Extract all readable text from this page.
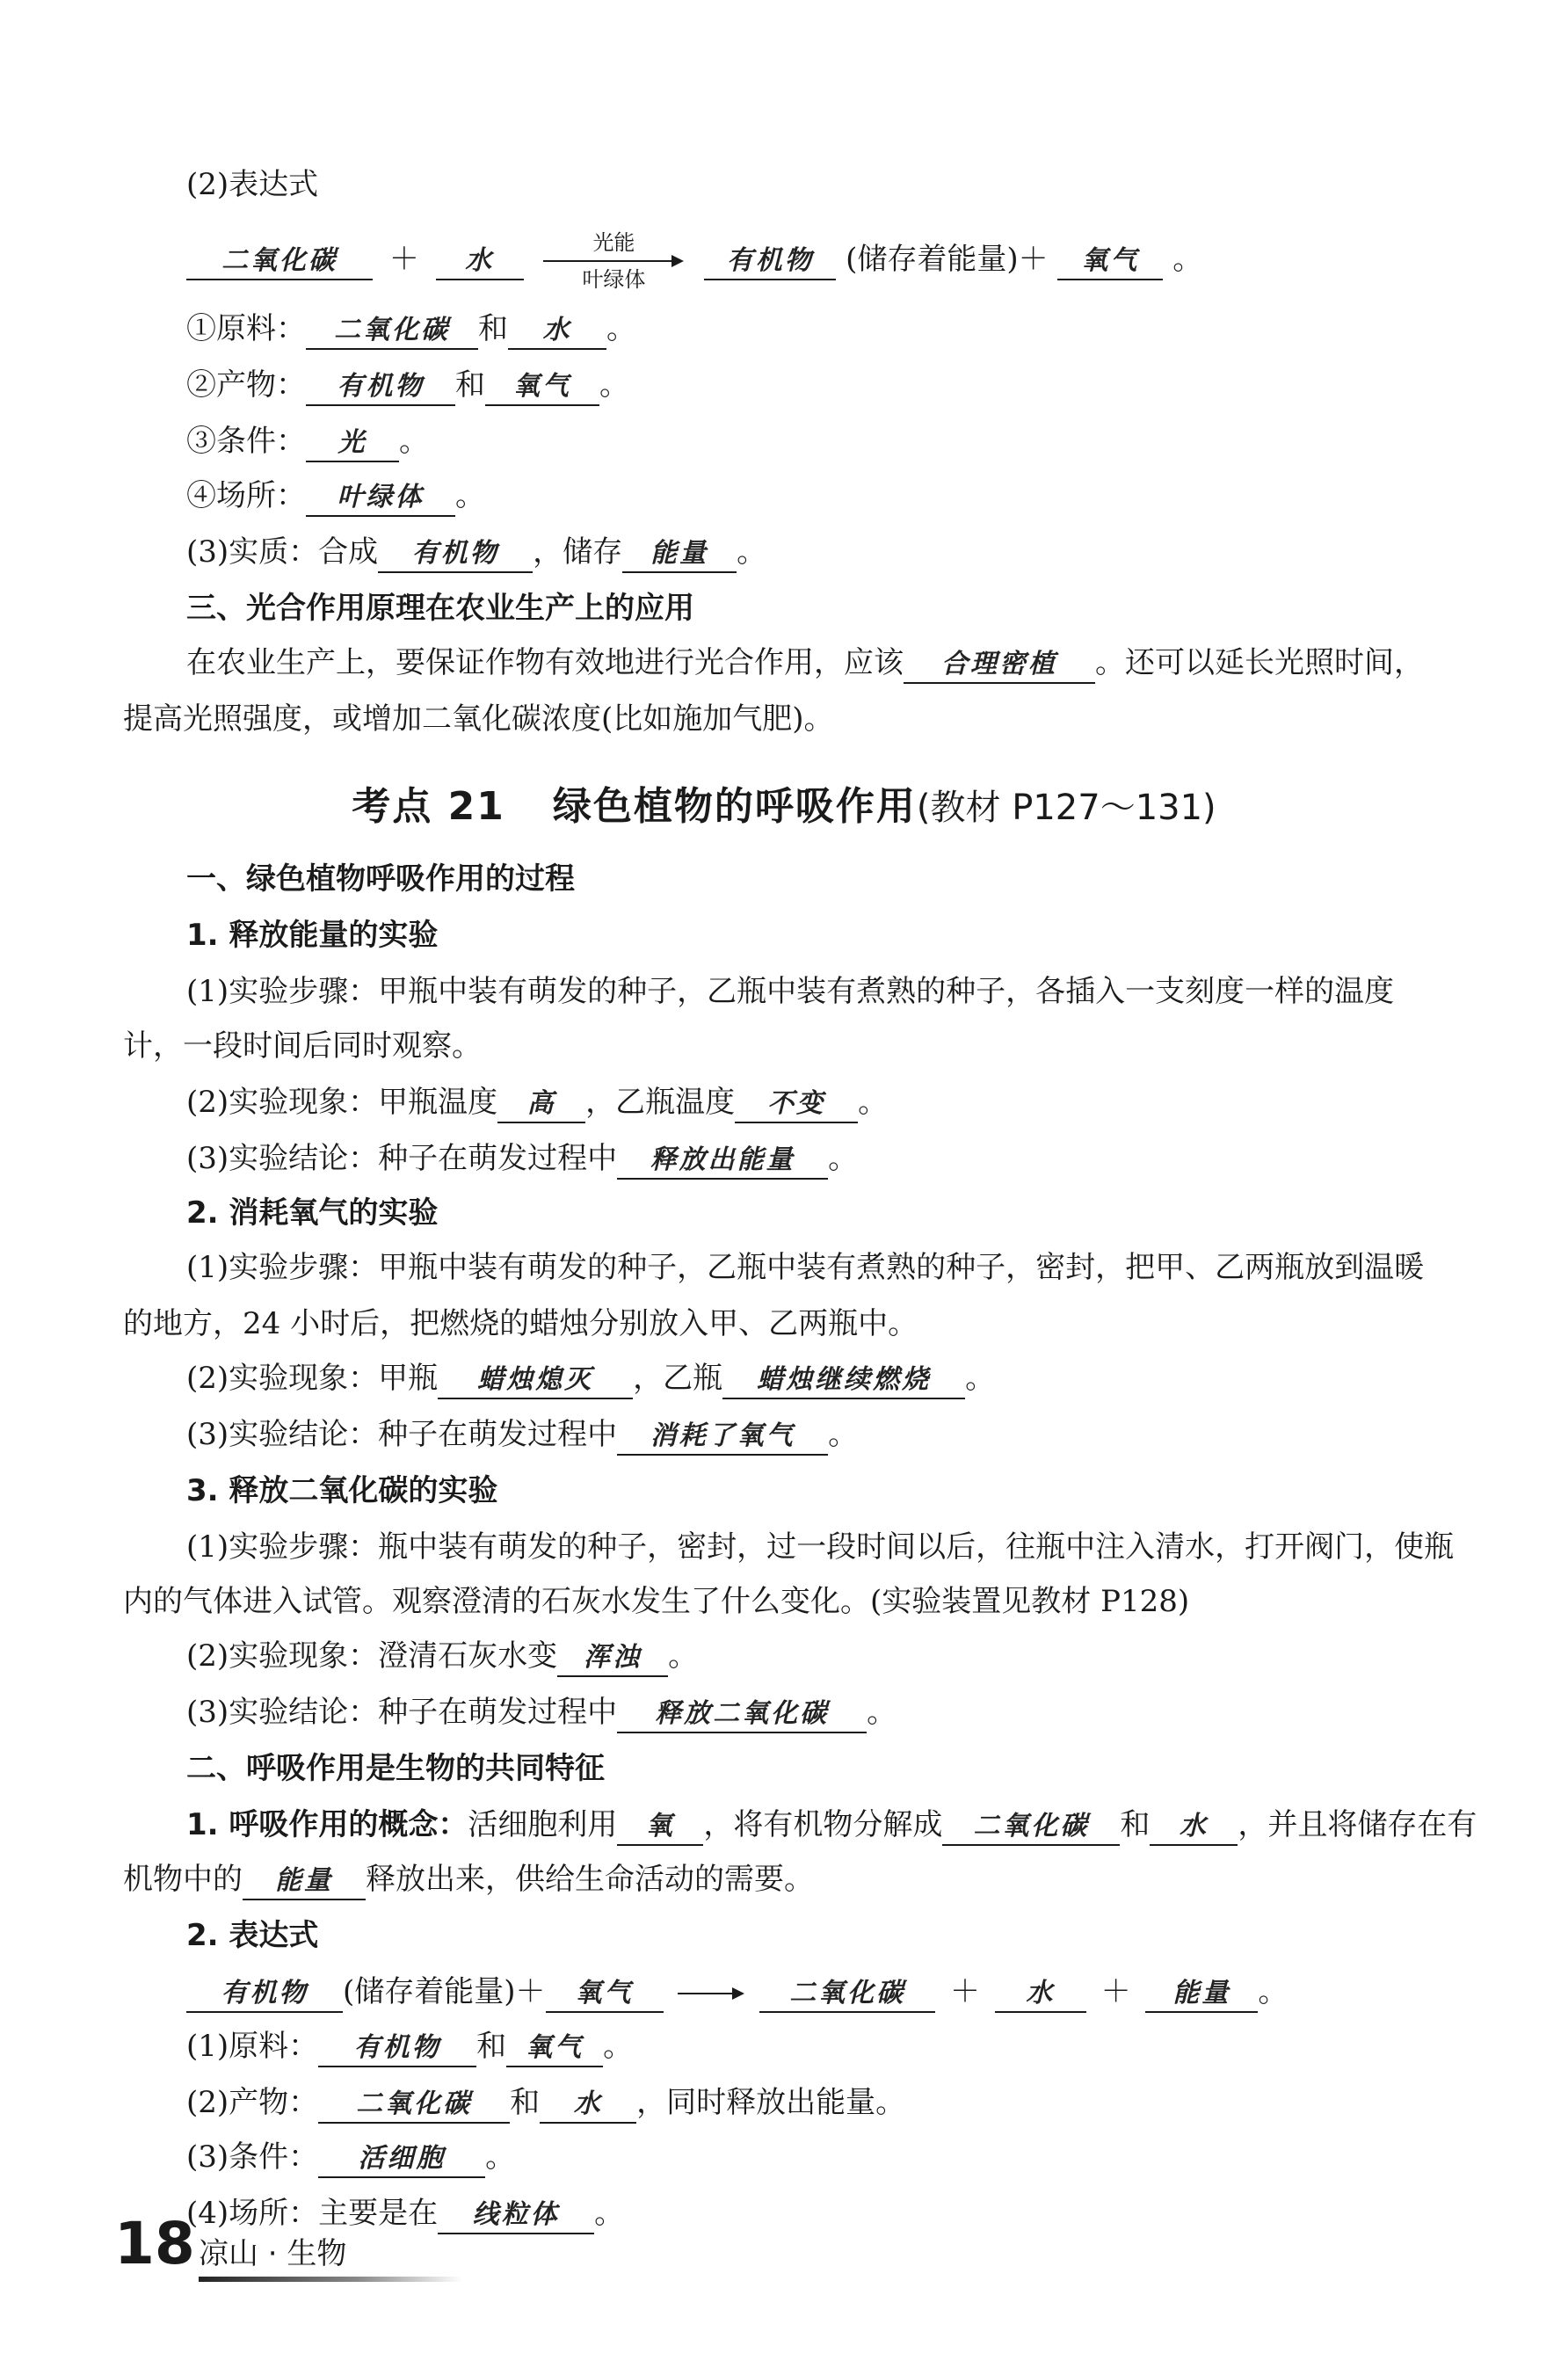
(2)表达式
二氧化碳 ＋ 水
光能
叶绿体
有机物 (储存着能量)＋ 氧气 。
①原料： 二氧化碳 和 水 。
②产物： 有机物 和 氧气 。
③条件： 光 。
④场所： 叶绿体 。
(3)实质：合成 有机物 ，储存 能量 。
三、光合作用原理在农业生产上的应用
在农业生产上，要保证作物有效地进行光合作用，应该 合理密植 。还可以延长光照时间，
提高光照强度，或增加二氧化碳浓度(比如施加气肥)。
考点 21 绿色植物的呼吸作用(教材 P127～131)
一、绿色植物呼吸作用的过程
1. 释放能量的实验
(1)实验步骤：甲瓶中装有萌发的种子，乙瓶中装有煮熟的种子，各插入一支刻度一样的温度
计，一段时间后同时观察。
(2)实验现象：甲瓶温度 高 ，乙瓶温度 不变 。
(3)实验结论：种子在萌发过程中 释放出能量 。
2. 消耗氧气的实验
(1)实验步骤：甲瓶中装有萌发的种子，乙瓶中装有煮熟的种子，密封，把甲、乙两瓶放到温暖
的地方，24 小时后，把燃烧的蜡烛分别放入甲、乙两瓶中。
(2)实验现象：甲瓶 蜡烛熄灭 ，乙瓶 蜡烛继续燃烧 。
(3)实验结论：种子在萌发过程中 消耗了氧气 。
3. 释放二氧化碳的实验
(1)实验步骤：瓶中装有萌发的种子，密封，过一段时间以后，往瓶中注入清水，打开阀门，使瓶
内的气体进入试管。观察澄清的石灰水发生了什么变化。(实验装置见教材 P128)
(2)实验现象：澄清石灰水变 浑浊 。
(3)实验结论：种子在萌发过程中 释放二氧化碳 。
二、呼吸作用是生物的共同特征
1. 呼吸作用的概念：活细胞利用 氧 ，将有机物分解成 二氧化碳 和 水 ，并且将储存在有
机物中的 能量 释放出来，供给生命活动的需要。
2. 表达式
有机物 (储存着能量)＋ 氧气	二氧化碳 ＋ 水 ＋ 能量 。
(1)原料： 有机物 和 氧气 。
(2)产物： 二氧化碳 和 水 ，同时释放出能量。
(3)条件： 活细胞 。
(4)场所：主要是在 线粒体 。
18 凉山 · 生物
